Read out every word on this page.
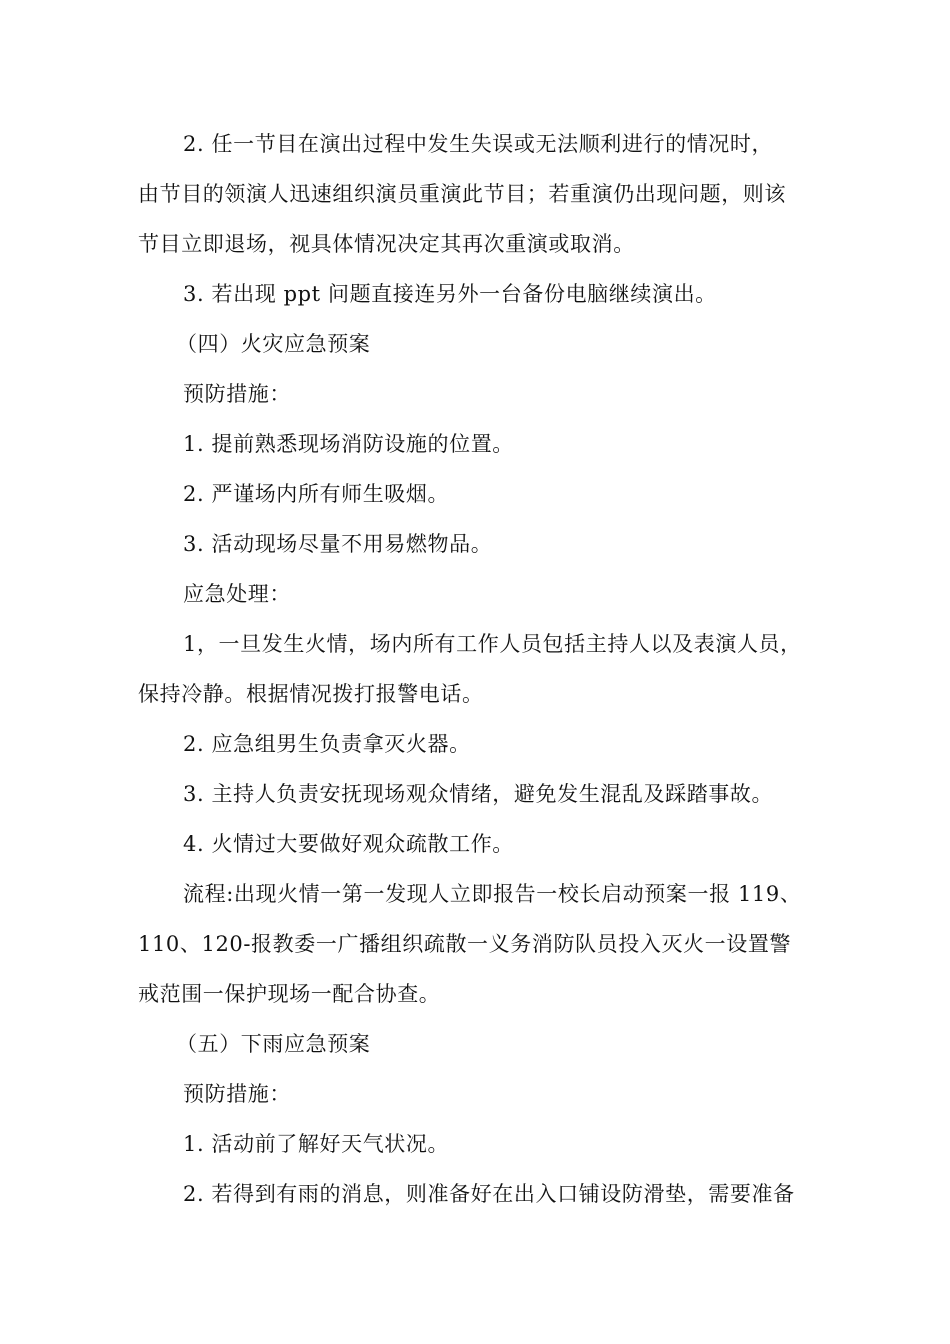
2. 任一节目在演出过程中发生失误或无法顺利进行的情况时，
由节目的领演人迅速组织演员重演此节目；若重演仍出现问题，则该
节目立即退场，视具体情况决定其再次重演或取消。
3. 若出现 ppt 问题直接连另外一台备份电脑继续演出。
（四）火灾应急预案
预防措施：
1. 提前熟悉现场消防设施的位置。
2. 严谨场内所有师生吸烟。
3. 活动现场尽量不用易燃物品。
应急处理：
1，一旦发生火情，场内所有工作人员包括主持人以及表演人员，
保持冷静。根据情况拨打报警电话。
2. 应急组男生负责拿灭火器。
3. 主持人负责安抚现场观众情绪，避免发生混乱及踩踏事故。
4. 火情过大要做好观众疏散工作。
流程:出现火情一第一发现人立即报告一校长启动预案一报 119、
110、120-报教委一广播组织疏散一义务消防队员投入灭火一设置警
戒范围一保护现场一配合协查。
（五）下雨应急预案
预防措施：
1. 活动前了解好天气状况。
2. 若得到有雨的消息，则准备好在出入口铺设防滑垫，需要准备
